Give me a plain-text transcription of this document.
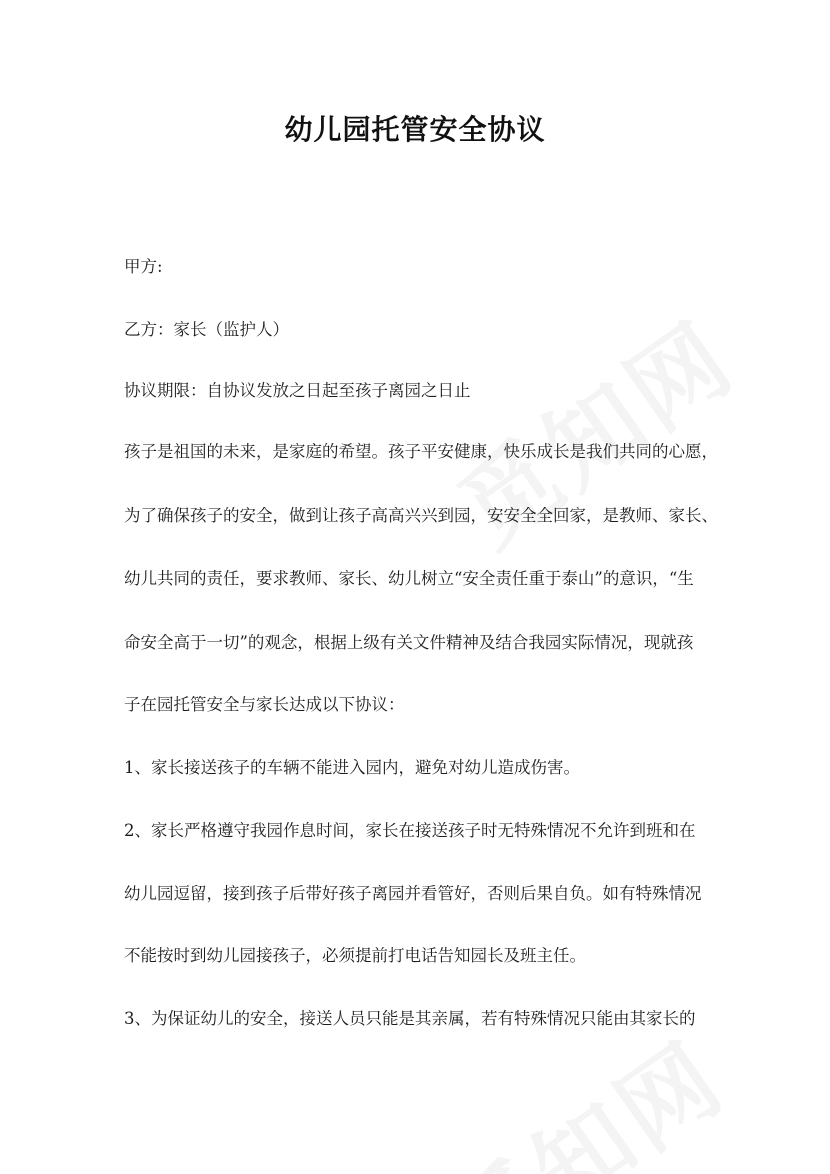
幼儿园托管安全协议
甲方:
乙方：家长（监护人）
协议期限：自协议发放之日起至孩子离园之日止
孩子是祖国的未来，是家庭的希望。孩子平安健康，快乐成长是我们共同的心愿，
为了确保孩子的安全，做到让孩子高高兴兴到园，安安全全回家，是教师、家长、
幼儿共同的责任，要求教师、家长、幼儿树立“安全责任重于泰山”的意识，“生
命安全高于一切”的观念，根据上级有关文件精神及结合我园实际情况，现就孩
子在园托管安全与家长达成以下协议：
1、家长接送孩子的车辆不能进入园内，避免对幼儿造成伤害。
2、家长严格遵守我园作息时间，家长在接送孩子时无特殊情况不允许到班和在
幼儿园逗留，接到孩子后带好孩子离园并看管好，否则后果自负。如有特殊情况
不能按时到幼儿园接孩子，必须提前打电话告知园长及班主任。
3、为保证幼儿的安全，接送人员只能是其亲属，若有特殊情况只能由其家长的
